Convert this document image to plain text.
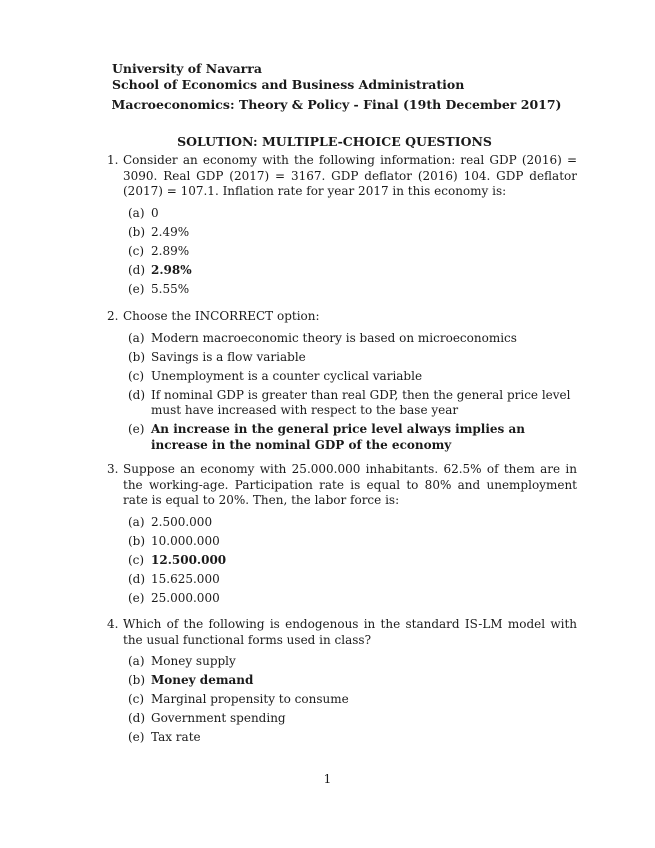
University of Navarra
School of Economics and Business Administration
Macroeconomics: Theory & Policy - Final (19th December 2017)
SOLUTION: MULTIPLE-CHOICE QUESTIONS
1. Consider an economy with the following information: real GDP (2016) = 3090. Real GDP (2017) = 3167. GDP deflator (2016) 104. GDP deflator (2017) = 107.1. Inflation rate for year 2017 in this economy is:
(a) 0
(b) 2.49%
(c) 2.89%
(d) 2.98%
(e) 5.55%
2. Choose the INCORRECT option:
(a) Modern macroeconomic theory is based on microeconomics
(b) Savings is a flow variable
(c) Unemployment is a counter cyclical variable
(d) If nominal GDP is greater than real GDP, then the general price level must have increased with respect to the base year
(e) An increase in the general price level always implies an increase in the nominal GDP of the economy
3. Suppose an economy with 25.000.000 inhabitants. 62.5% of them are in the working-age. Participation rate is equal to 80% and unemployment rate is equal to 20%. Then, the labor force is:
(a) 2.500.000
(b) 10.000.000
(c) 12.500.000
(d) 15.625.000
(e) 25.000.000
4. Which of the following is endogenous in the standard IS-LM model with the usual functional forms used in class?
(a) Money supply
(b) Money demand
(c) Marginal propensity to consume
(d) Government spending
(e) Tax rate
1
